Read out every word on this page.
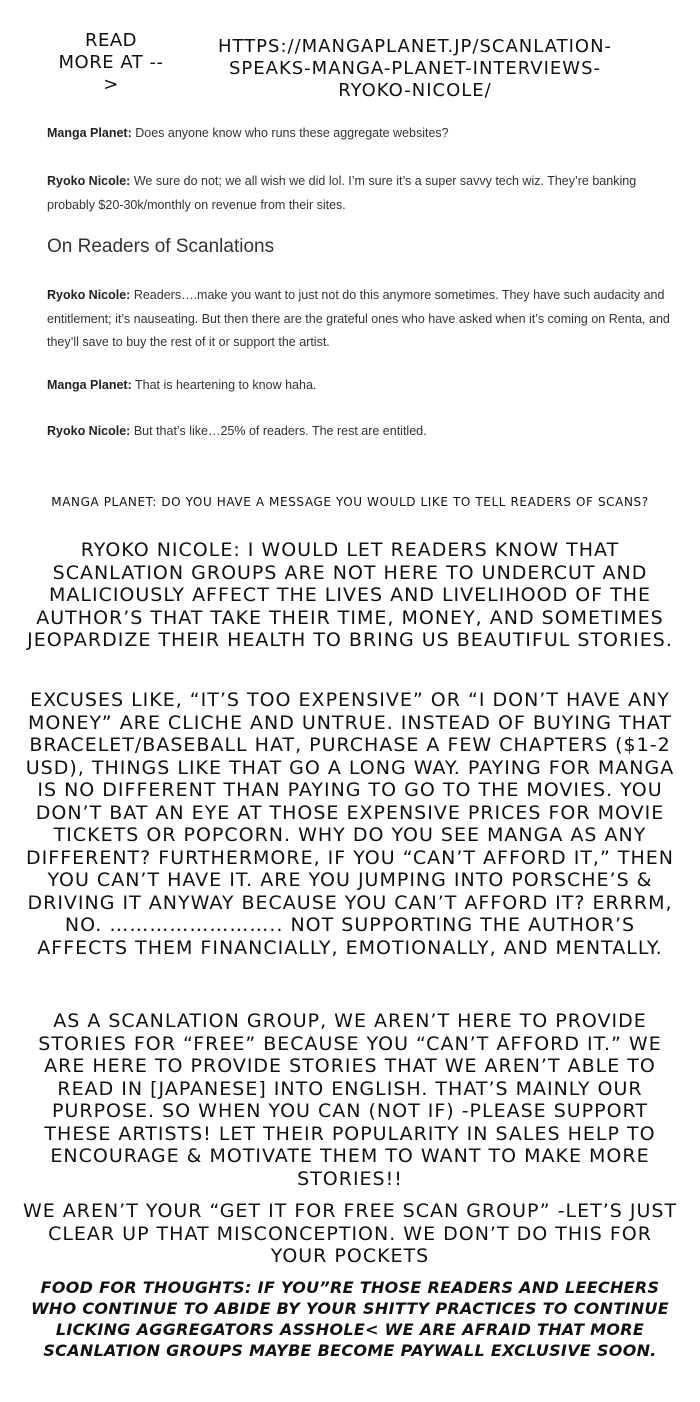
READ MORE AT -->
HTTPS://MANGAPLANET.JP/SCANLATION-SPEAKS-MANGA-PLANET-INTERVIEWS-RYOKO-NICOLE/
Manga Planet: Does anyone know who runs these aggregate websites?
Ryoko Nicole: We sure do not; we all wish we did lol. I’m sure it’s a super savvy tech wiz. They’re banking probably $20-30k/monthly on revenue from their sites.
On Readers of Scanlations
Ryoko Nicole: Readers….make you want to just not do this anymore sometimes. They have such audacity and entitlement; it’s nauseating. But then there are the grateful ones who have asked when it’s coming on Renta, and they’ll save to buy the rest of it or support the artist.
Manga Planet: That is heartening to know haha.
Ryoko Nicole: But that’s like…25% of readers. The rest are entitled.
MANGA PLANET: DO YOU HAVE A MESSAGE YOU WOULD LIKE TO TELL READERS OF SCANS?
RYOKO NICOLE: I WOULD LET READERS KNOW THAT SCANLATION GROUPS ARE NOT HERE TO UNDERCUT AND MALICIOUSLY AFFECT THE LIVES AND LIVELIHOOD OF THE AUTHOR’S THAT TAKE THEIR TIME, MONEY, AND SOMETIMES JEOPARDIZE THEIR HEALTH TO BRING US BEAUTIFUL STORIES.
EXCUSES LIKE, “IT’S TOO EXPENSIVE” OR “I DON’T HAVE ANY MONEY” ARE CLICHE AND UNTRUE. INSTEAD OF BUYING THAT BRACELET/BASEBALL HAT, PURCHASE A FEW CHAPTERS ($1-2 USD), THINGS LIKE THAT GO A LONG WAY. PAYING FOR MANGA IS NO DIFFERENT THAN PAYING TO GO TO THE MOVIES. YOU DON’T BAT AN EYE AT THOSE EXPENSIVE PRICES FOR MOVIE TICKETS OR POPCORN. WHY DO YOU SEE MANGA AS ANY DIFFERENT? FURTHERMORE, IF YOU “CAN’T AFFORD IT,” THEN YOU CAN’T HAVE IT. ARE YOU JUMPING INTO PORSCHE’S & DRIVING IT ANYWAY BECAUSE YOU CAN’T AFFORD IT? ERRRM, NO. …………………….. NOT SUPPORTING THE AUTHOR’S AFFECTS THEM FINANCIALLY, EMOTIONALLY, AND MENTALLY.
AS A SCANLATION GROUP, WE AREN’T HERE TO PROVIDE STORIES FOR “FREE” BECAUSE YOU “CAN’T AFFORD IT.” WE ARE HERE TO PROVIDE STORIES THAT WE AREN’T ABLE TO READ IN [JAPANESE] INTO ENGLISH. THAT’S MAINLY OUR PURPOSE. SO WHEN YOU CAN (NOT IF) -PLEASE SUPPORT THESE ARTISTS! LET THEIR POPULARITY IN SALES HELP TO ENCOURAGE & MOTIVATE THEM TO WANT TO MAKE MORE STORIES!!
WE AREN’T YOUR “GET IT FOR FREE SCAN GROUP” -LET’S JUST CLEAR UP THAT MISCONCEPTION. WE DON’T DO THIS FOR YOUR POCKETS
FOOD FOR THOUGHTS: IF YOU”RE THOSE READERS AND LEECHERS WHO CONTINUE TO ABIDE BY YOUR SHITTY PRACTICES TO CONTINUE LICKING AGGREGATORS ASSHOLE< WE ARE AFRAID THAT MORE SCANLATION GROUPS MAYBE BECOME PAYWALL EXCLUSIVE SOON.
